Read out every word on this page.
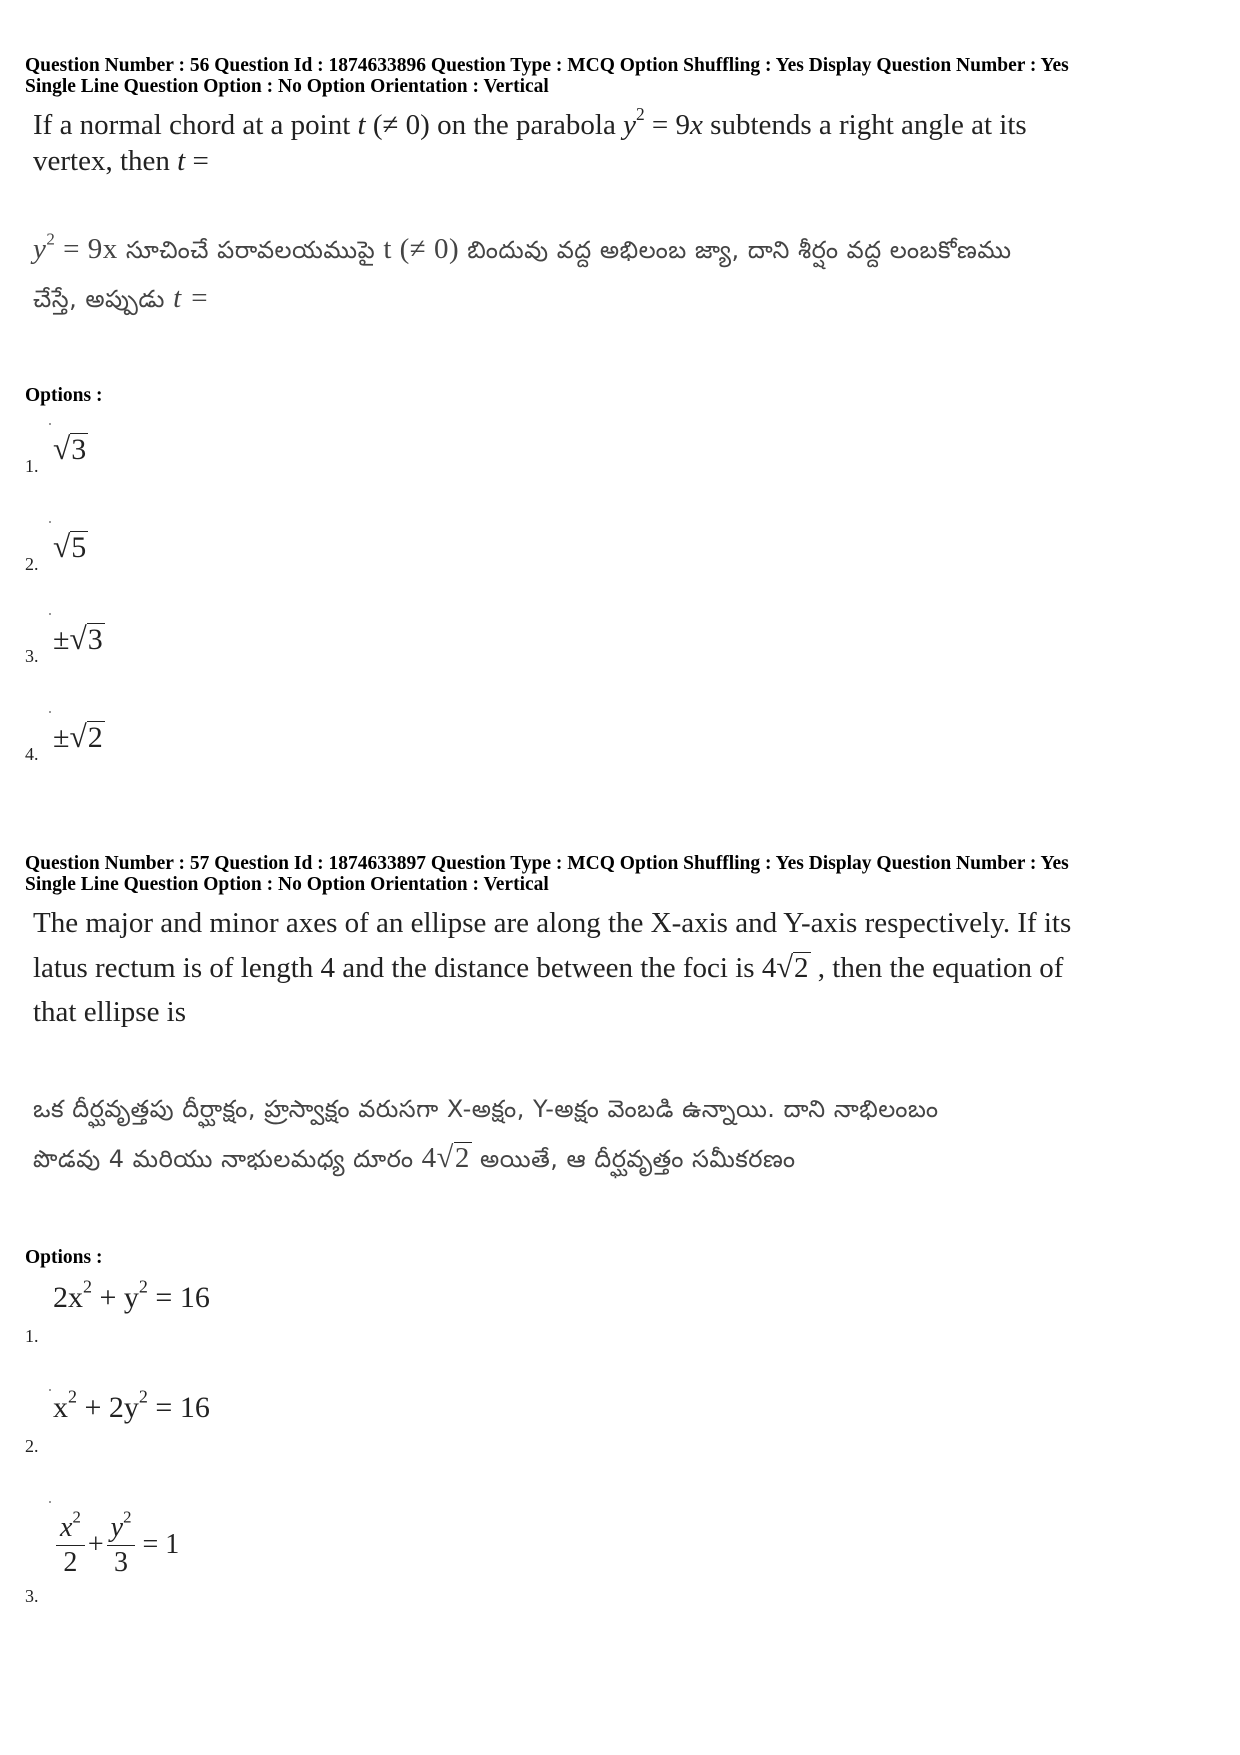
Question Number : 56 Question Id : 1874633896 Question Type : MCQ Option Shuffling : Yes Display Question Number : Yes
Single Line Question Option : No Option Orientation : Vertical
If a normal chord at a point t (≠ 0) on the parabola $y^2 = 9x$ subtends a right angle at its
vertex, then t =
$y^2 = 9x$ సూచించే పరావలయముపై t (≠ 0) బిందువు వద్ద అభిలంబ జ్యా, దాని శీర్షం వద్ద లంబకోణము
చేస్తే, అప్పుడు t =
Options :
1. √3
2. √5
3. ±√3
4. ±√2
Question Number : 57 Question Id : 1874633897 Question Type : MCQ Option Shuffling : Yes Display Question Number : Yes
Single Line Question Option : No Option Orientation : Vertical
The major and minor axes of an ellipse are along the X-axis and Y-axis respectively. If its
latus rectum is of length 4 and the distance between the foci is 4√2 , then the equation of
that ellipse is
ఒక దీర్ఘవృత్తపు దీర్ఘాక్షం, హ్రస్వాక్షం వరుసగా X-అక్షం, Y-అక్షం వెంబడి ఉన్నాయి. దాని నాభిలంబం
పొడవు 4 మరియు నాభులమధ్య దూరం 4√2 అయితే, ఆ దీర్ఘవృత్తం సమీకరణం
Options :
1.
$2x^2 + y^2 = 16$
2.
$x^2 + 2y^2 = 16$
3.
$\frac{x^2}{2} + \frac{y^2}{3} = 1$
